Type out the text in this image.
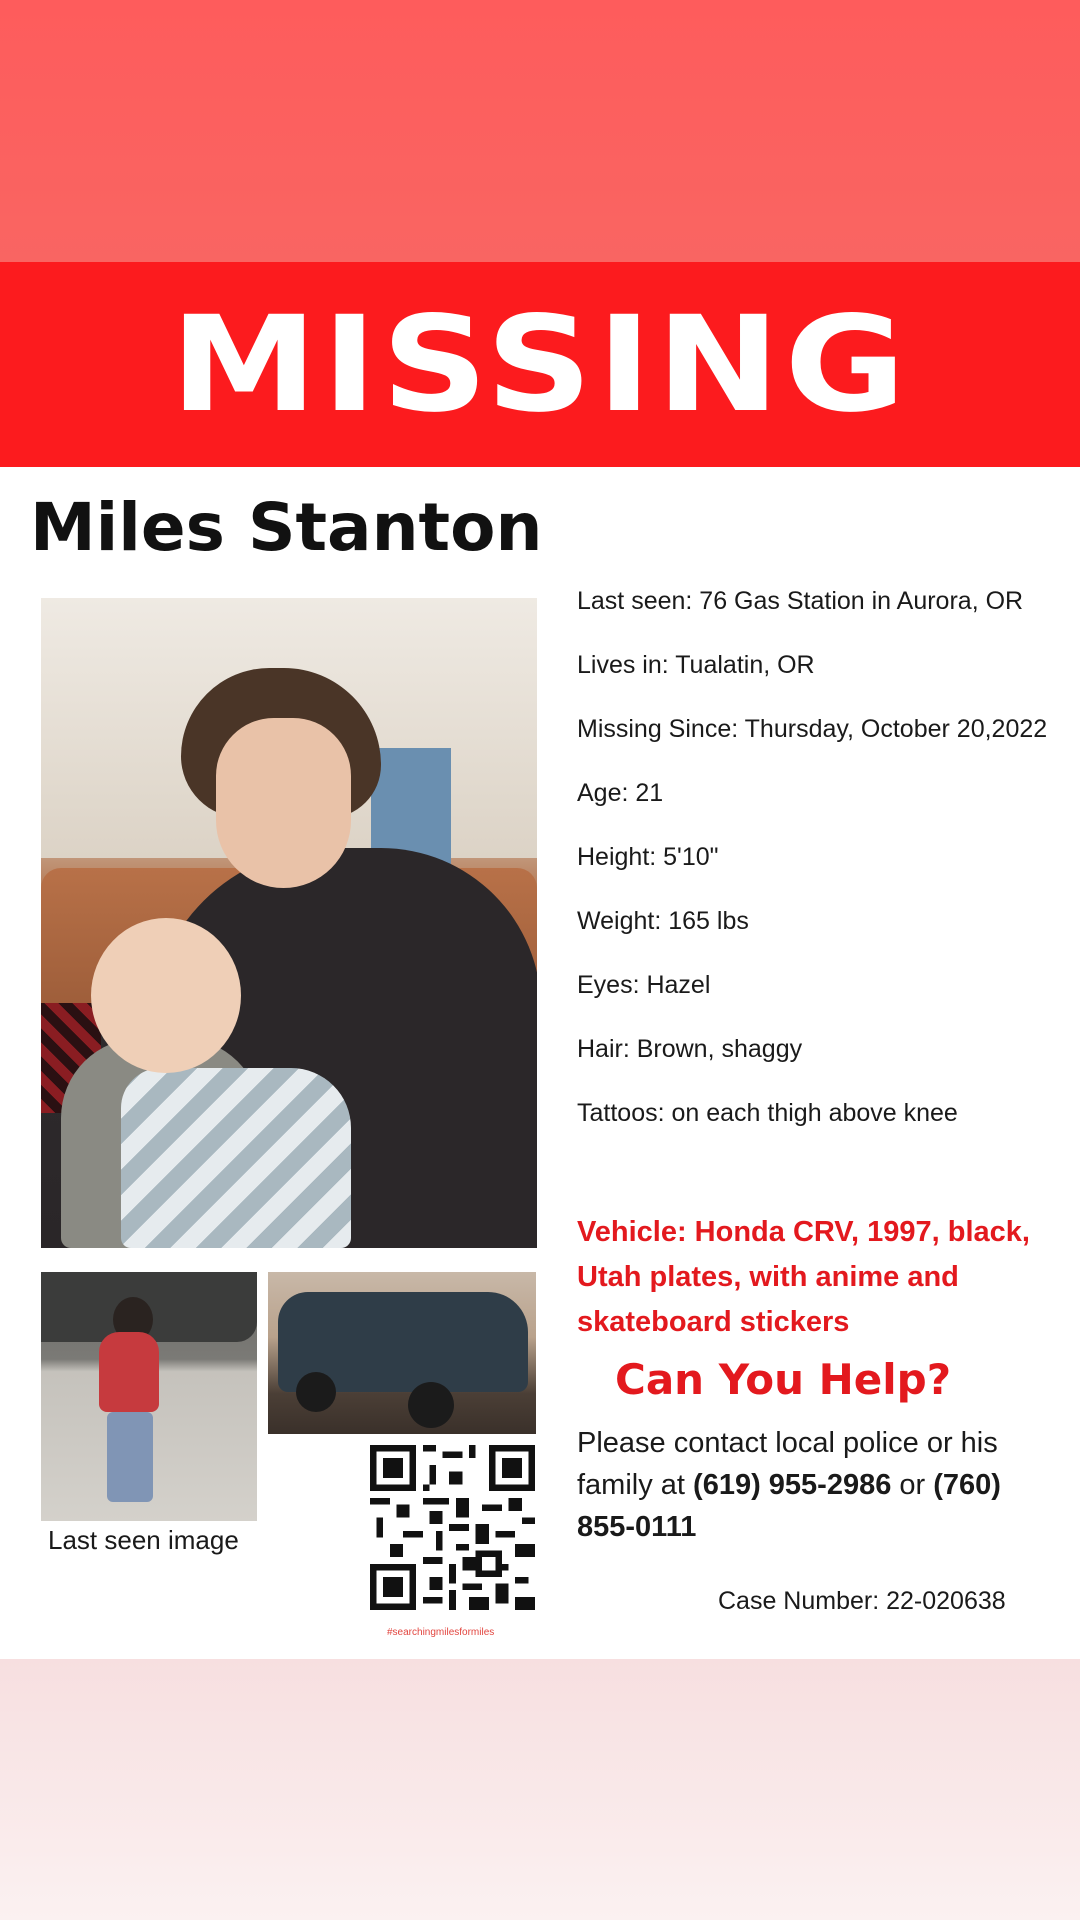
MISSING
Miles Stanton
Last seen image
#searchingmilesformiles
Last seen: 76 Gas Station in Aurora, OR
Lives in: Tualatin, OR
Missing Since: Thursday, October 20,2022
Age: 21
Height: 5'10"
Weight: 165 lbs
Eyes: Hazel
Hair: Brown, shaggy
Tattoos: on each thigh above knee
Vehicle: Honda CRV, 1997, black, Utah plates, with anime and skateboard stickers
Can You Help?
Please contact local police or his family at (619) 955-2986 or (760) 855-0111
Case Number: 22-020638
